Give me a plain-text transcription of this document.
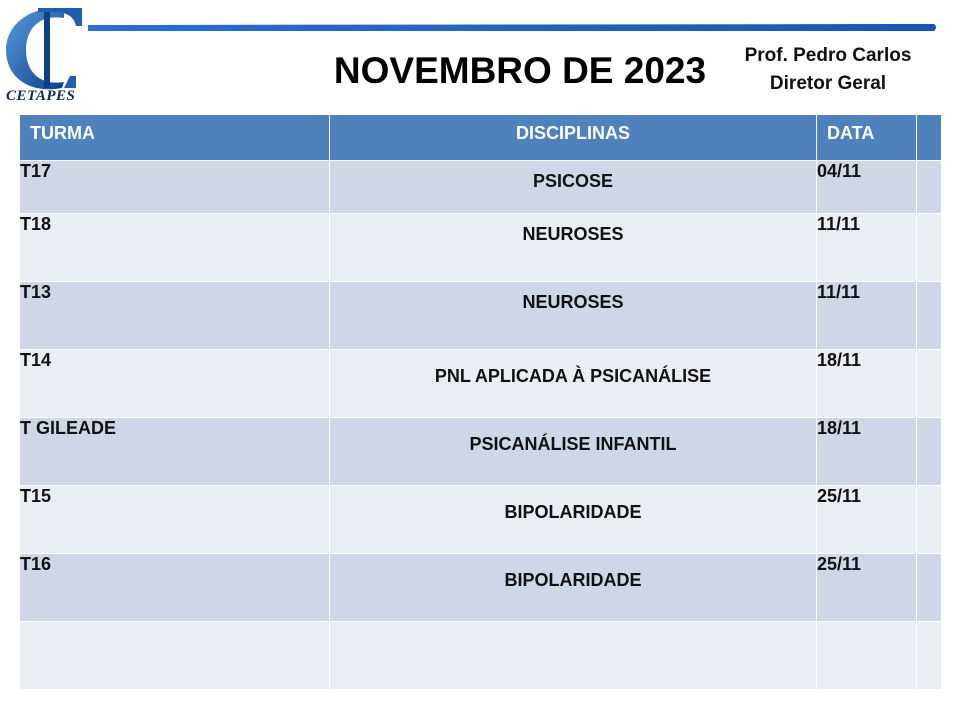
CETAPES
NOVEMBRO DE 2023	Prof. Pedro Carlos
Diretor Geral
TURMA	DISCIPLINAS	DATA	
T17	PSICOSE	04/11	
T18	NEUROSES	11/11	
T13	NEUROSES	11/11	
T14	PNL APLICADA À PSICANÁLISE	18/11	
T GILEADE	PSICANÁLISE INFANTIL	18/11	
T15	BIPOLARIDADE	25/11	
T16	BIPOLARIDADE	25/11	
